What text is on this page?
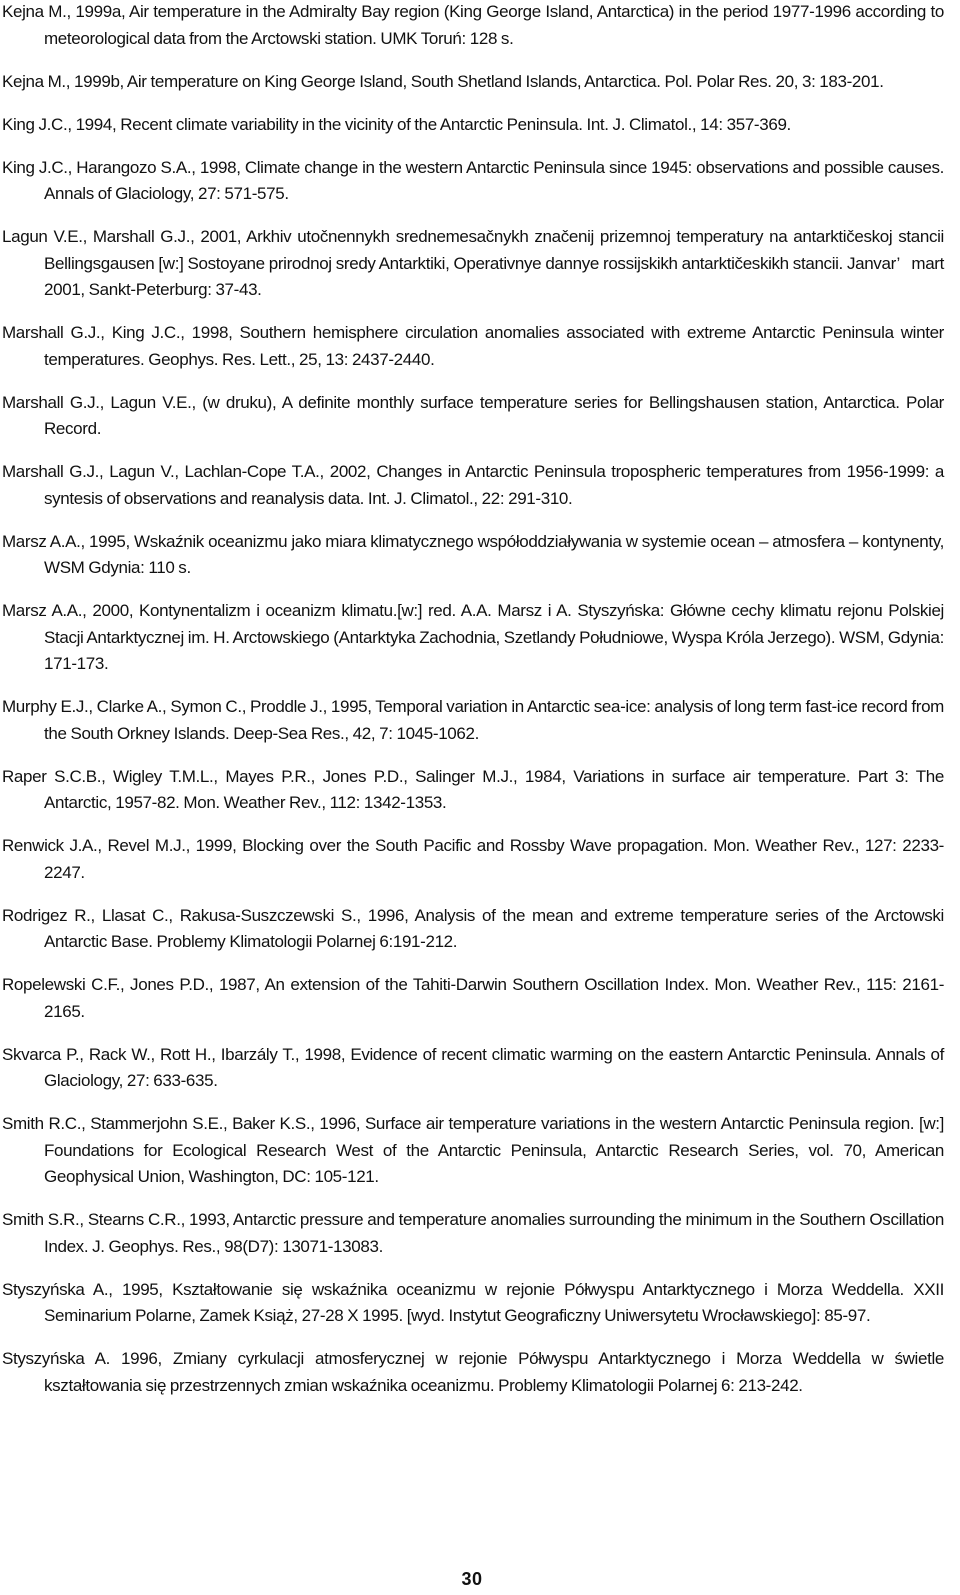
Kejna M., 1999a, Air temperature in the Admiralty Bay region (King George Island, Antarctica) in the period 1977-1996 according to meteorological data from the Arctowski station. UMK Toruń: 128 s.

Kejna M., 1999b, Air temperature on King George Island, South Shetland Islands, Antarctica. Pol. Polar Res. 20, 3: 183-201.

King J.C., 1994, Recent climate variability in the vicinity of the Antarctic Peninsula. Int. J. Climatol., 14: 357-369.

King J.C., Harangozo S.A., 1998, Climate change in the western Antarctic Peninsula since 1945: observations and possible causes. Annals of Glaciology, 27: 571-575.

Lagun V.E., Marshall G.J., 2001, Arkhiv utočnennykh srednemesačnykh značenij prizemnoj temperatury na antarktičeskoj stancii Bellingsgausen [w:] Sostoyane prirodnoj sredy Antarktiki, Operativnye dannye rossijskikh antarktičeskikh stancii. Janvar’   mart 2001, Sankt-Peterburg: 37-43.

Marshall G.J., King J.C., 1998, Southern hemisphere circulation anomalies associated with extreme Antarctic Peninsula winter temperatures. Geophys. Res. Lett., 25, 13: 2437-2440.

Marshall G.J., Lagun V.E., (w druku), A definite monthly surface temperature series for Bellingshausen station, Antarctica. Polar Record.

Marshall G.J., Lagun V., Lachlan-Cope T.A., 2002, Changes in Antarctic Peninsula tropospheric temperatures from 1956-1999: a syntesis of observations and reanalysis data. Int. J. Climatol., 22: 291-310.

Marsz A.A., 1995, Wskaźnik oceanizmu jako miara klimatycznego współoddziaływania w systemie ocean – atmosfera – kontynenty, WSM Gdynia: 110 s.

Marsz A.A., 2000, Kontynentalizm i oceanizm klimatu.[w:] red. A.A. Marsz i A. Styszyńska: Główne cechy klimatu rejonu Polskiej Stacji Antarktycznej im. H. Arctowskiego (Antarktyka Zachodnia, Szetlandy Południowe, Wyspa Króla Jerzego). WSM, Gdynia: 171-173.

Murphy E.J., Clarke A., Symon C., Proddle J., 1995, Temporal variation in Antarctic sea-ice: analysis of long term fast-ice record from the South Orkney Islands. Deep-Sea Res., 42, 7: 1045-1062.

Raper S.C.B., Wigley T.M.L., Mayes P.R., Jones P.D., Salinger M.J., 1984, Variations in surface air temperature. Part 3: The Antarctic, 1957-82. Mon. Weather Rev., 112: 1342-1353.

Renwick J.A., Revel M.J., 1999, Blocking over the South Pacific and Rossby Wave propagation. Mon. Weather Rev., 127: 2233-2247.

Rodrigez R., Llasat C., Rakusa-Suszczewski S., 1996, Analysis of the mean and extreme temperature series of the Arctowski Antarctic Base. Problemy Klimatologii Polarnej 6:191-212.

Ropelewski C.F., Jones P.D., 1987, An extension of the Tahiti-Darwin Southern Oscillation Index. Mon. Weather Rev., 115: 2161-2165.

Skvarca P., Rack W., Rott H., Ibarzály T., 1998, Evidence of recent climatic warming on the eastern Antarctic Peninsula. Annals of Glaciology, 27: 633-635.

Smith R.C., Stammerjohn S.E., Baker K.S., 1996, Surface air temperature variations in the western Antarctic Peninsula region. [w:] Foundations for Ecological Research West of the Antarctic Peninsula, Antarctic Research Series, vol. 70, American Geophysical Union, Washington, DC: 105-121.

Smith S.R., Stearns C.R., 1993, Antarctic pressure and temperature anomalies surrounding the minimum in the Southern Oscillation Index. J. Geophys. Res., 98(D7): 13071-13083.

Styszyńska A., 1995, Kształtowanie się wskaźnika oceanizmu w rejonie Półwyspu Antarktycznego i Morza Weddella. XXII Seminarium Polarne, Zamek Książ, 27-28 X 1995. [wyd. Instytut Geograficzny Uniwersytetu Wrocławskiego]: 85-97.

Styszyńska A. 1996, Zmiany cyrkulacji atmosferycznej w rejonie Półwyspu Antarktycznego i Morza Weddella w świetle kształtowania się przestrzennych zmian wskaźnika oceanizmu. Problemy Klimatologii Polarnej 6: 213-242.

30
